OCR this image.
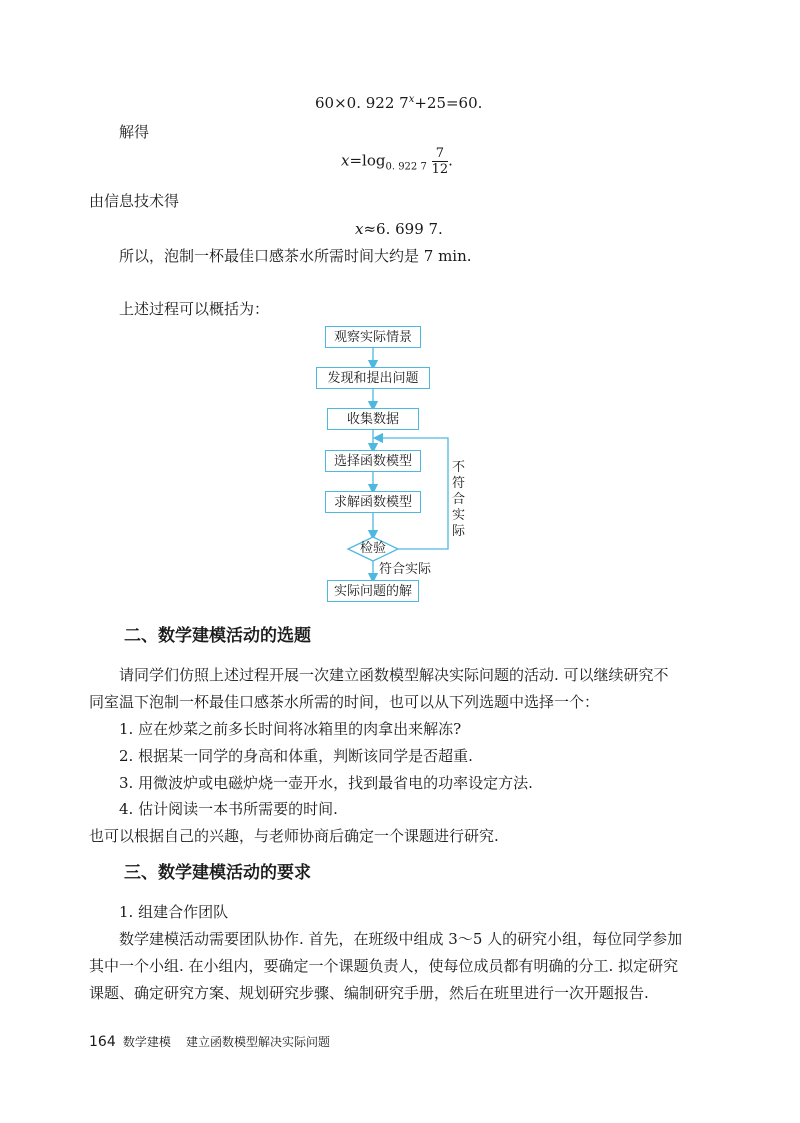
60×0. 922 $7^x+25=60$.
解得
$x=\log_{0. 922 7} \frac{7}{12}$ .
由信息技术得
x≈6. 699 7.
所以，泡制一杯最佳口感茶水所需时间大约是 7 min.
上述过程可以概括为：
观察实际情景
发现和提出问题
收集数据
选择函数模型
求解函数模型
检验
符合实际
不符合实际
实际问题的解
二、数学建模活动的选题
请同学们仿照上述过程开展一次建立函数模型解决实际问题的活动. 可以继续研究不
同室温下泡制一杯最佳口感茶水所需的时间，也可以从下列选题中选择一个：
1. 应在炒菜之前多长时间将冰箱里的肉拿出来解冻?
2. 根据某一同学的身高和体重，判断该同学是否超重.
3. 用微波炉或电磁炉烧一壶开水，找到最省电的功率设定方法.
4. 估计阅读一本书所需要的时间.
也可以根据自己的兴趣，与老师协商后确定一个课题进行研究.
三、数学建模活动的要求
1. 组建合作团队
数学建模活动需要团队协作. 首先，在班级中组成 3～5 人的研究小组，每位同学参加
其中一个小组. 在小组内，要确定一个课题负责人，使每位成员都有明确的分工. 拟定研究
课题、确定研究方案、规划研究步骤、编制研究手册，然后在班里进行一次开题报告.
164 数学建模 建立函数模型解决实际问题
